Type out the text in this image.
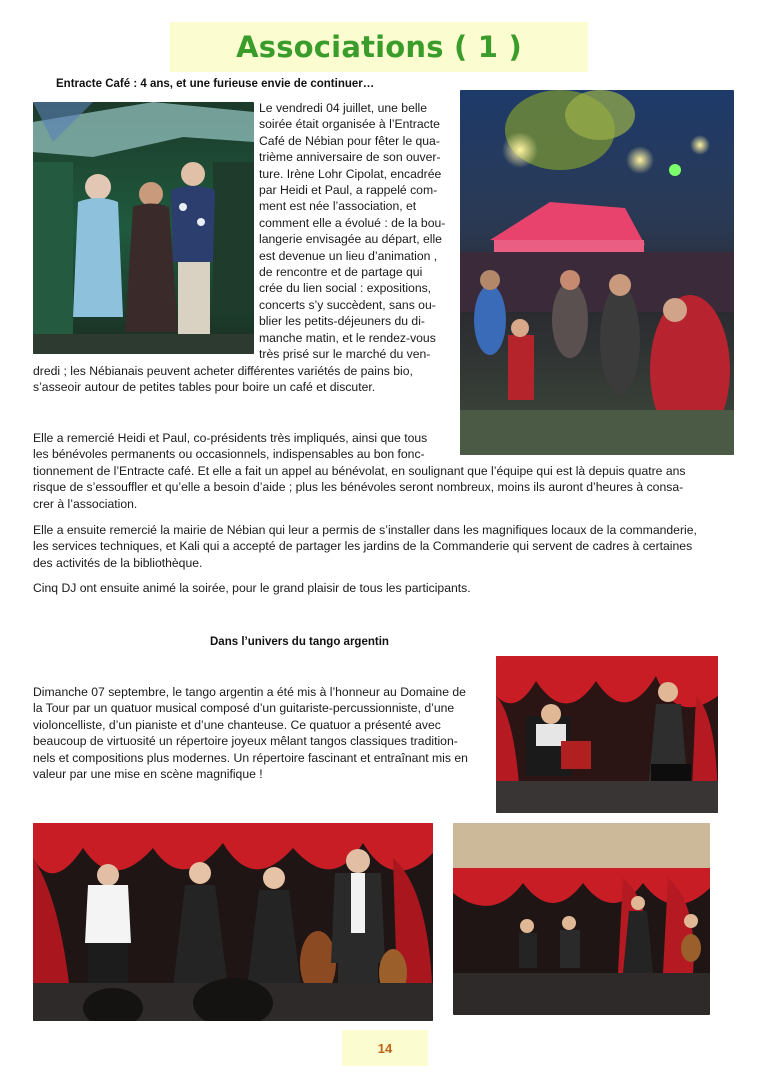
Associations ( 1 )
Entracte Café : 4 ans, et une furieuse envie de continuer…

Le vendredi 04 juillet, une belle

soirée était organisée à l’Entracte

Café de Nébian pour fêter le qua-

trième anniversaire de son ouver-

ture. Irène Lohr Cipolat, encadrée

par Heidi et Paul, a rappelé com-

ment est née l’association, et

comment elle a évolué : de la bou-

langerie envisagée au départ, elle

est devenue un lieu d’animation ,

de rencontre et de partage qui

crée du lien social : expositions,

concerts s’y succèdent, sans ou-

blier les petits-déjeuners du di-

manche matin, et le rendez-vous

très prisé sur le marché du ven-

dredi ; les Nébianais peuvent acheter différentes variétés de pains bio,

s’asseoir autour de petites tables pour boire un café et discuter.

Elle a remercié Heidi et Paul, co-présidents très impliqués, ainsi que tous

les bénévoles permanents ou occasionnels, indispensables au bon fonc-

tionnement de l’Entracte café. Et elle a fait un appel au bénévolat, en soulignant que l’équipe qui est là depuis quatre ans

risque de s’essouffler et qu’elle a besoin d’aide ; plus les bénévoles seront nombreux, moins ils auront d’heures à consa-

crer à l’association.

Elle a ensuite remercié la mairie de Nébian qui leur a permis de s’installer dans les magnifiques locaux de la commanderie,

les services techniques, et Kali qui a accepté de partager les jardins de la Commanderie qui servent de cadres à certaines

des activités de la bibliothèque.

Cinq DJ ont ensuite animé la soirée, pour le grand plaisir de tous les participants.

Dans l’univers du tango argentin

Dimanche 07 septembre, le tango argentin a été mis à l’honneur au Domaine de

la Tour par un quatuor musical composé d’un guitariste-percussionniste, d’une

violoncelliste, d’un pianiste et d’une chanteuse. Ce quatuor a présenté avec

beaucoup de virtuosité un répertoire joyeux mêlant tangos classiques tradition-

nels et compositions plus modernes. Un répertoire fascinant et entraînant mis en

valeur par une mise en scène magnifique !

14
